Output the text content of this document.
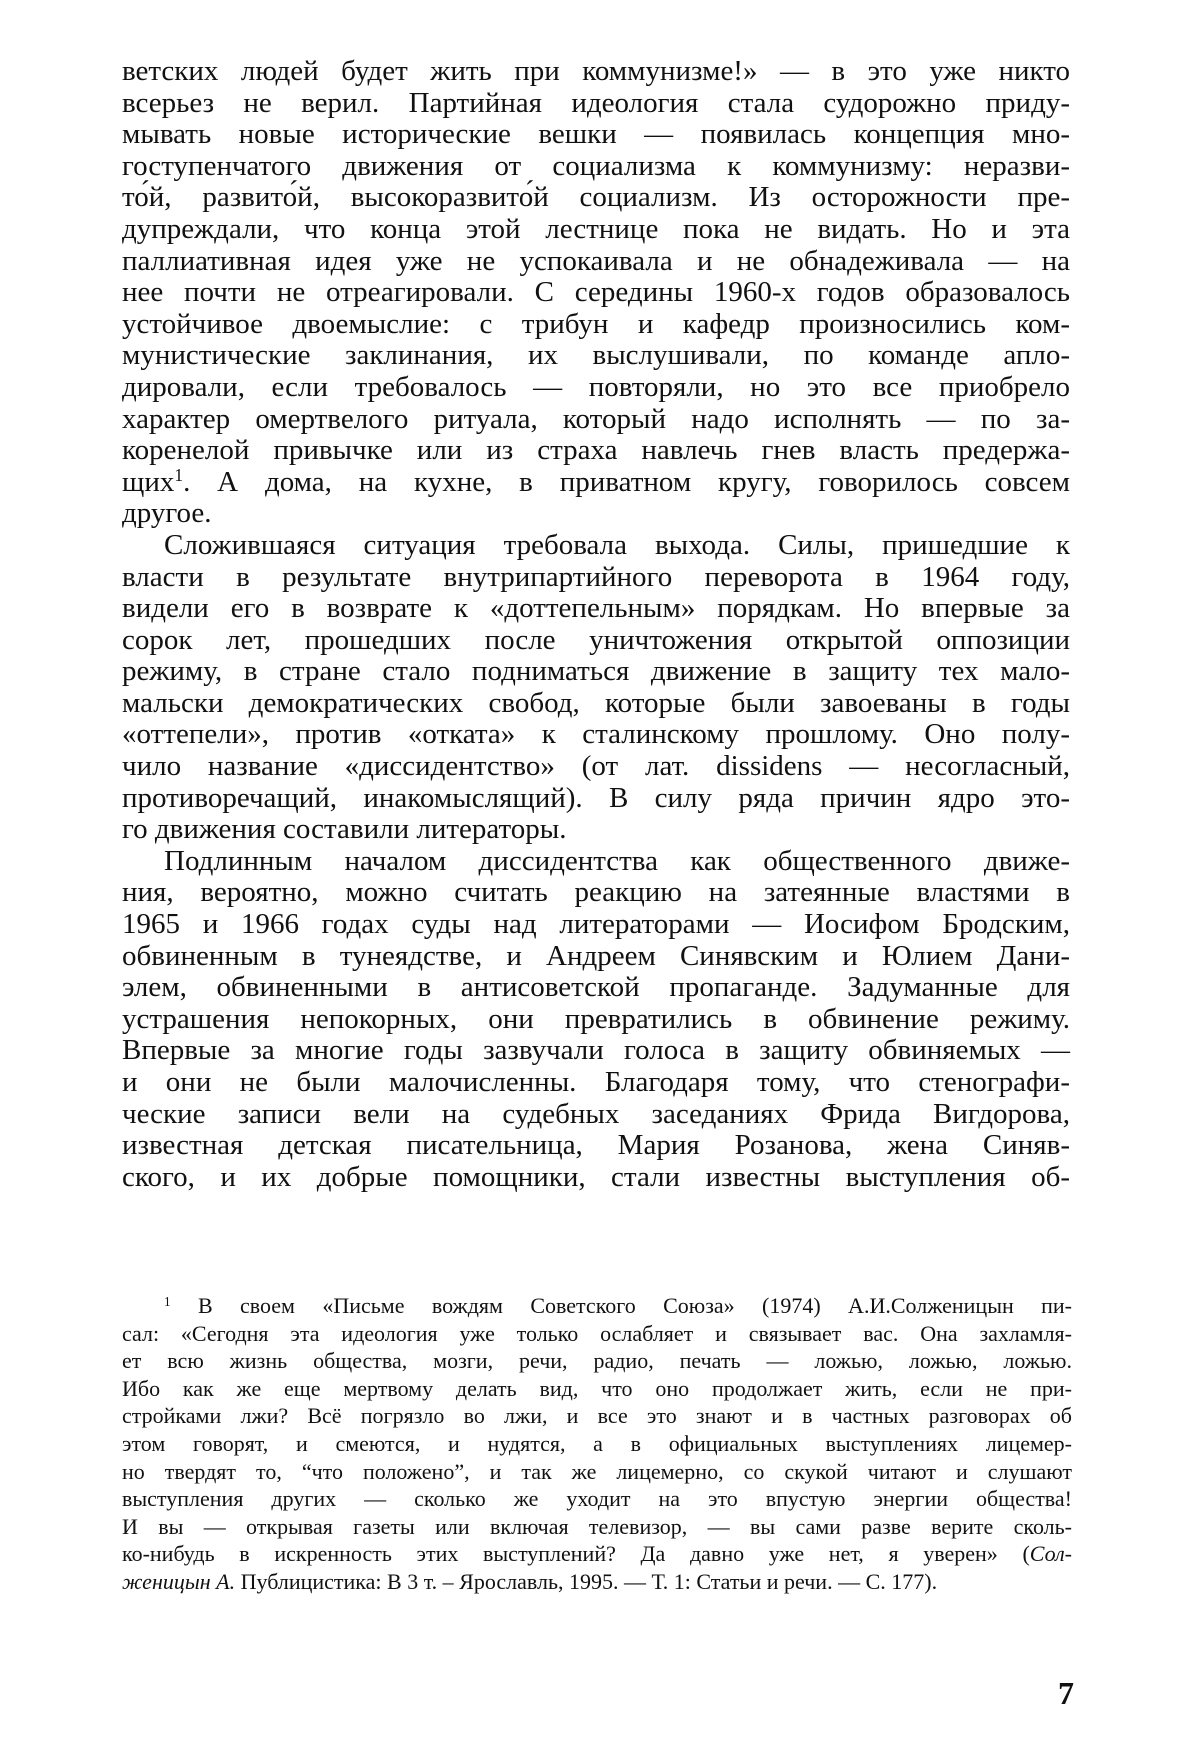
ветских людей будет жить при коммунизме!» — в это уже никто
всерьез не верил. Партийная идеология стала судорожно приду-
мывать новые исторические вешки — появилась концепция мно-
гоступенчатого движения от социализма к коммунизму: неразви-
то́й, развито́й, высокоразвито́й социализм. Из осторожности пре-
дупреждали, что конца этой лестнице пока не видать. Но и эта
паллиативная идея уже не успокаивала и не обнадеживала — на
нее почти не отреагировали. С середины 1960-х годов образовалось
устойчивое двоемыслие: с трибун и кафедр произносились ком-
мунистические заклинания, их выслушивали, по команде апло-
дировали, если требовалось — повторяли, но это все приобрело
характер омертвелого ритуала, который надо исполнять — по за-
коренелой привычке или из страха навлечь гнев власть предержа-
щих$^1$. А дома, на кухне, в приватном кругу, говорилось совсем
другое.
Сложившаяся ситуация требовала выхода. Силы, пришедшие к
власти в результате внутрипартийного переворота в 1964 году,
видели его в возврате к «доттепельным» порядкам. Но впервые за
сорок лет, прошедших после уничтожения открытой оппозиции
режиму, в стране стало подниматься движение в защиту тех мало-
мальски демократических свобод, которые были завоеваны в годы
«оттепели», против «отката» к сталинскому прошлому. Оно полу-
чило название «диссидентство» (от лат. dissidens — несогласный,
противоречащий, инакомыслящий). В силу ряда причин ядро это-
го движения составили литераторы.
Подлинным началом диссидентства как общественного движе-
ния, вероятно, можно считать реакцию на затеянные властями в
1965 и 1966 годах суды над литераторами — Иосифом Бродским,
обвиненным в тунеядстве, и Андреем Синявским и Юлием Дани-
элем, обвиненными в антисоветской пропаганде. Задуманные для
устрашения непокорных, они превратились в обвинение режиму.
Впервые за многие годы зазвучали голоса в защиту обвиняемых —
и они не были малочисленны. Благодаря тому, что стенографи-
ческие записи вели на судебных заседаниях Фрида Вигдорова,
известная детская писательница, Мария Розанова, жена Синяв-
ского, и их добрые помощники, стали известны выступления об-
$^1$ В своем «Письме вождям Советского Союза» (1974) А.И.Солженицын пи-
сал: «Сегодня эта идеология уже только ослабляет и связывает вас. Она захламля-
ет всю жизнь общества, мозги, речи, радио, печать — ложью, ложью, ложью.
Ибо как же еще мертвому делать вид, что оно продолжает жить, если не при-
стройками лжи? Всё погрязло во лжи, и все это знают и в частных разговорах об
этом говорят, и смеются, и нудятся, а в официальных выступлениях лицемер-
но твердят то, “что положено”, и так же лицемерно, со скукой читают и слушают
выступления других — сколько же уходит на это впустую энергии общества!
И вы — открывая газеты или включая телевизор, — вы сами разве верите сколь-
ко-нибудь в искренность этих выступлений? Да давно уже нет, я уверен» (Сол-
женицын А. Публицистика: В 3 т. – Ярославль, 1995. — Т. 1: Статьи и речи. — С. 177).
7
